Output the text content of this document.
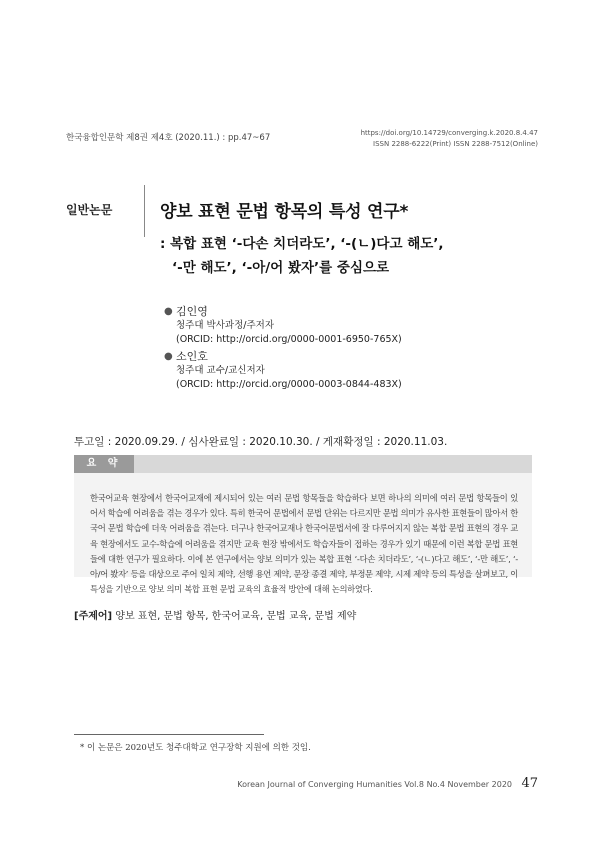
한국융합인문학 제8권 제4호 (2020.11.) : pp.47~67	https://doi.org/10.14729/converging.k.2020.8.4.47
ISSN 2288-6222(Print) ISSN 2288-7512(Online)
일반논문	양보 표현 문법 항목의 특성 연구*
: 복합 표현 ‘-다손 치더라도’, ‘-(ㄴ)다고 해도’,
‘-만 해도’, ‘-아/어 봤자’를 중심으로
● 김인영
청주대 박사과정/주저자
(ORCID: http://orcid.org/0000-0001-6950-765X)
● 소인호
청주대 교수/교신저자
(ORCID: http://orcid.org/0000-0003-0844-483X)
투고일 : 2020.09.29. / 심사완료일 : 2020.10.30. / 게재확정일 : 2020.11.03.
요 약
한국어교육 현장에서 한국어교재에 제시되어 있는 여러 문법 항목들을 학습하다 보면 하나의 의미에 여러 문법 항목들이 있어서 학습에 어려움을 겪는 경우가 있다. 특히 한국어 문법에서 문법 단위는 다르지만 문법 의미가 유사한 표현들이 많아서 한국어 문법 학습에 더욱 어려움을 겪는다. 더구나 한국어교재나 한국어문법서에 잘 다루어지지 않는 복합 문법 표현의 경우 교육 현장에서도 교수-학습에 어려움을 겪지만 교육 현장 밖에서도 학습자들이 접하는 경우가 있기 때문에 이런 복합 문법 표현들에 대한 연구가 필요하다. 이에 본 연구에서는 양보 의미가 있는 복합 표현 ‘-다손 치더라도’, ‘-(ㄴ)다고 해도’, ‘-만 해도’, ‘-아/어 봤자’ 등을 대상으로 주어 일치 제약, 선행 용언 제약, 문장 종결 제약, 부정문 제약, 시제 제약 등의 특성을 살펴보고, 이 특성을 기반으로 양보 의미 복합 표현 문법 교육의 효율적 방안에 대해 논의하였다.
[주제어] 양보 표현, 문법 항목, 한국어교육, 문법 교육, 문법 제약
* 이 논문은 2020년도 청주대학교 연구장학 지원에 의한 것임.
Korean Journal of Converging Humanities Vol.8 No.4 November 2020 47
